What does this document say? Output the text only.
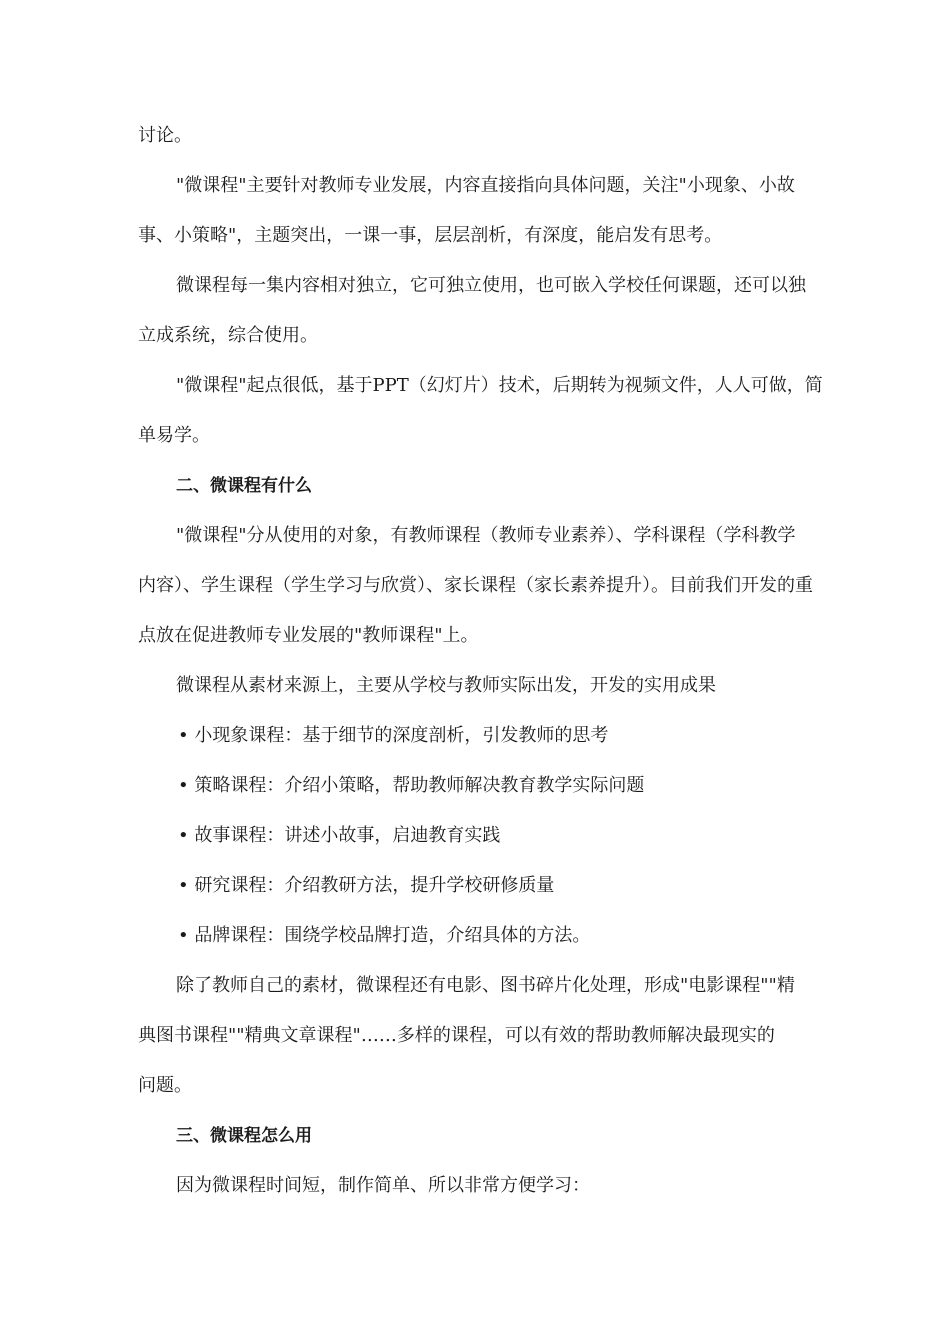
讨论。
"微课程"主要针对教师专业发展，内容直接指向具体问题，关注"小现象、小故
事、小策略"，主题突出，一课一事，层层剖析，有深度，能启发有思考。
微课程每一集内容相对独立，它可独立使用，也可嵌入学校任何课题，还可以独
立成系统，综合使用。
"微课程"起点很低，基于PPT（幻灯片）技术，后期转为视频文件，人人可做，简
单易学。
二、微课程有什么
"微课程"分从使用的对象，有教师课程（教师专业素养）、学科课程（学科教学
内容）、学生课程（学生学习与欣赏）、家长课程（家长素养提升）。目前我们开发的重
点放在促进教师专业发展的"教师课程"上。
微课程从素材来源上，主要从学校与教师实际出发，开发的实用成果
• 小现象课程：基于细节的深度剖析，引发教师的思考
• 策略课程：介绍小策略，帮助教师解决教育教学实际问题
• 故事课程：讲述小故事，启迪教育实践
• 研究课程：介绍教研方法，提升学校研修质量
• 品牌课程：围绕学校品牌打造，介绍具体的方法。
除了教师自己的素材，微课程还有电影、图书碎片化处理，形成"电影课程""精
典图书课程""精典文章课程"……多样的课程，可以有效的帮助教师解决最现实的
问题。
三、微课程怎么用
因为微课程时间短，制作简单、所以非常方便学习：
